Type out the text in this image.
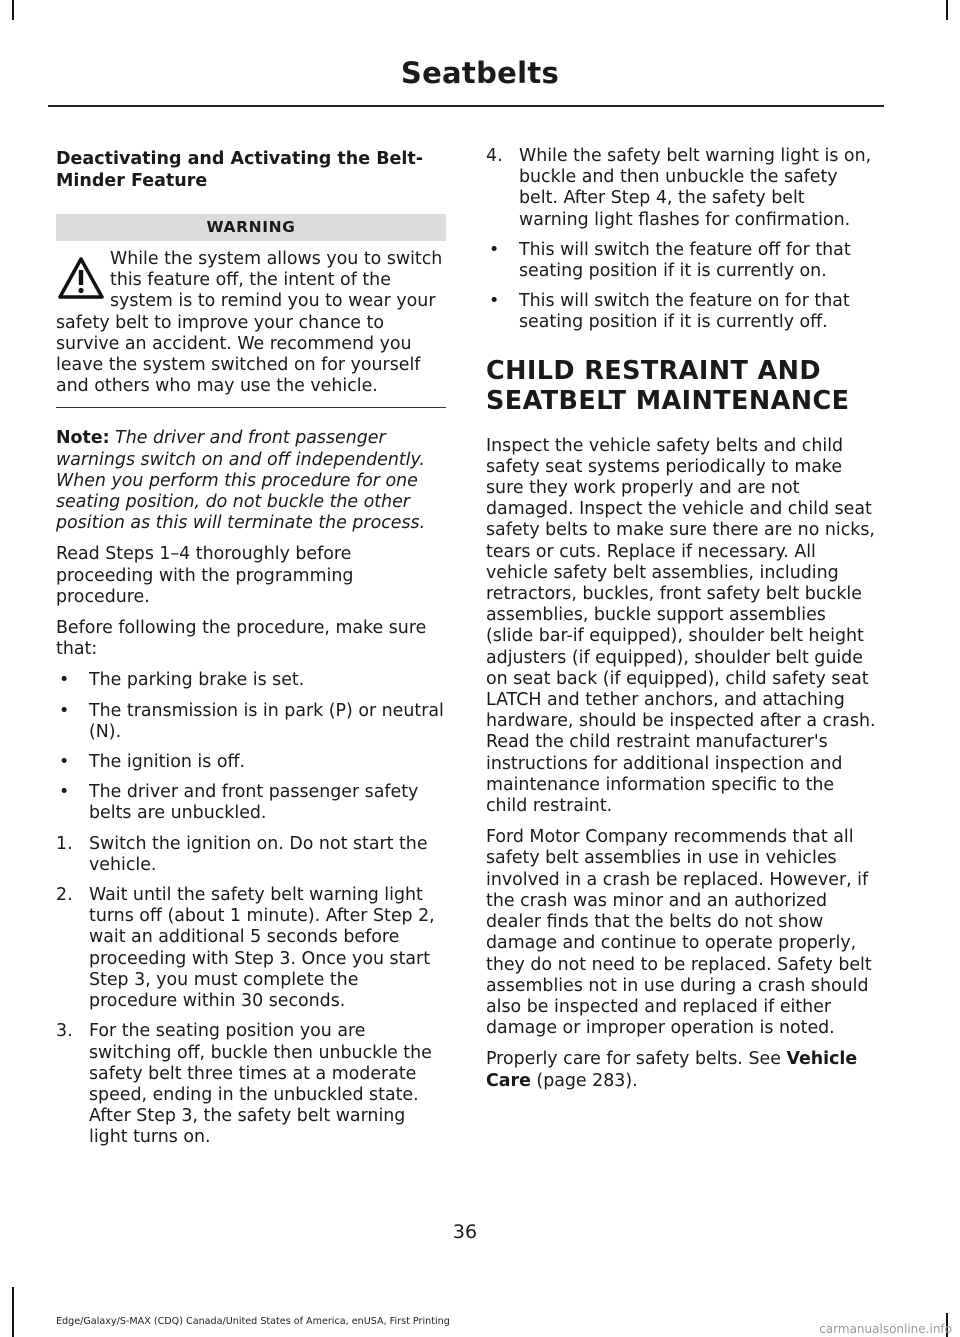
Seatbelts
Deactivating and Activating the Belt-Minder Feature
WARNING
While the system allows you to switch this feature off, the intent of the system is to remind you to wear your safety belt to improve your chance to survive an accident. We recommend you leave the system switched on for yourself and others who may use the vehicle.

Note: The driver and front passenger warnings switch on and off independently. When you perform this procedure for one seating position, do not buckle the other position as this will terminate the process.

Read Steps 1–4 thoroughly before proceeding with the programming procedure.

Before following the procedure, make sure that:

• The parking brake is set.
• The transmission is in park (P) or neutral (N).
• The ignition is off.
• The driver and front passenger safety belts are unbuckled.
1. Switch the ignition on. Do not start the vehicle.
2. Wait until the safety belt warning light turns off (about 1 minute). After Step 2, wait an additional 5 seconds before proceeding with Step 3. Once you start Step 3, you must complete the procedure within 30 seconds.
3. For the seating position you are switching off, buckle then unbuckle the safety belt three times at a moderate speed, ending in the unbuckled state. After Step 3, the safety belt warning light turns on.
4. While the safety belt warning light is on, buckle and then unbuckle the safety belt. After Step 4, the safety belt warning light flashes for confirmation.
• This will switch the feature off for that seating position if it is currently on.
• This will switch the feature on for that seating position if it is currently off.
CHILD RESTRAINT AND
SEATBELT MAINTENANCE

Inspect the vehicle safety belts and child safety seat systems periodically to make sure they work properly and are not damaged. Inspect the vehicle and child seat safety belts to make sure there are no nicks, tears or cuts. Replace if necessary. All vehicle safety belt assemblies, including retractors, buckles, front safety belt buckle assemblies, buckle support assemblies (slide bar-if equipped), shoulder belt height adjusters (if equipped), shoulder belt guide on seat back (if equipped), child safety seat LATCH and tether anchors, and attaching hardware, should be inspected after a crash. Read the child restraint manufacturer's instructions for additional inspection and maintenance information specific to the child restraint.

Ford Motor Company recommends that all safety belt assemblies in use in vehicles involved in a crash be replaced. However, if the crash was minor and an authorized dealer finds that the belts do not show damage and continue to operate properly, they do not need to be replaced. Safety belt assemblies not in use during a crash should also be inspected and replaced if either damage or improper operation is noted.

Properly care for safety belts. See Vehicle Care (page 283).

36
Edge/Galaxy/S-MAX (CDQ) Canada/United States of America, enUSA, First Printing
carmanualsonline.info
